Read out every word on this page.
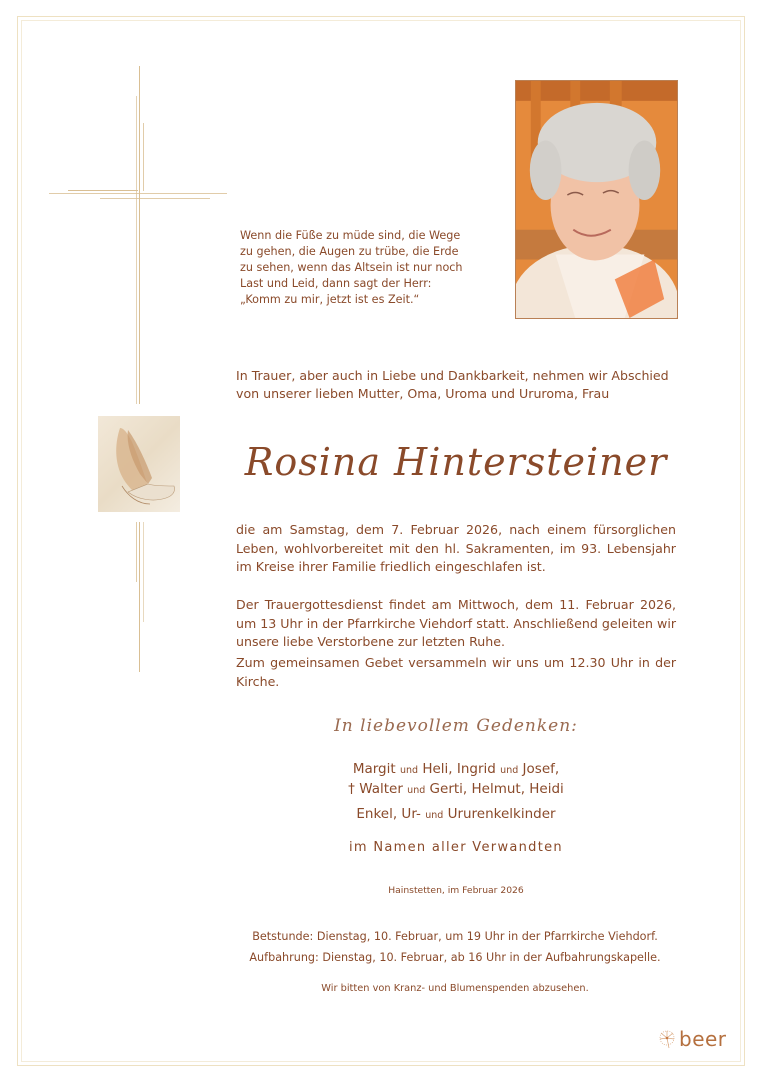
Wenn die Füße zu müde sind, die Wege
zu gehen, die Augen zu trübe, die Erde
zu sehen, wenn das Altsein ist nur noch
Last und Leid, dann sagt der Herr:
„Komm zu mir, jetzt ist es Zeit.“
In Trauer, aber auch in Liebe und Dankbarkeit, nehmen wir Abschied
von unserer lieben Mutter, Oma, Uroma und Ururoma, Frau
Rosina Hintersteiner
die am Samstag, dem 7. Februar 2026, nach einem fürsorglichen Leben, wohlvorbereitet mit den hl. Sakramenten, im 93. Lebensjahr im Kreise ihrer Familie friedlich eingeschlafen ist.
Der Trauergottesdienst findet am Mittwoch, dem 11. Februar 2026, um 13 Uhr in der Pfarrkirche Viehdorf statt. Anschließend geleiten wir unsere liebe Verstorbene zur letzten Ruhe.
Zum gemeinsamen Gebet versammeln wir uns um 12.30 Uhr in der Kirche.
In liebevollem Gedenken:
Margit und Heli, Ingrid und Josef,
† Walter und Gerti, Helmut, Heidi
Enkel, Ur- und Ururenkelkinder
im Namen aller Verwandten
Hainstetten, im Februar 2026
Betstunde: Dienstag, 10. Februar, um 19 Uhr in der Pfarrkirche Viehdorf.
Aufbahrung: Dienstag, 10. Februar, ab 16 Uhr in der Aufbahrungskapelle.
Wir bitten von Kranz- und Blumenspenden abzusehen.
beer
